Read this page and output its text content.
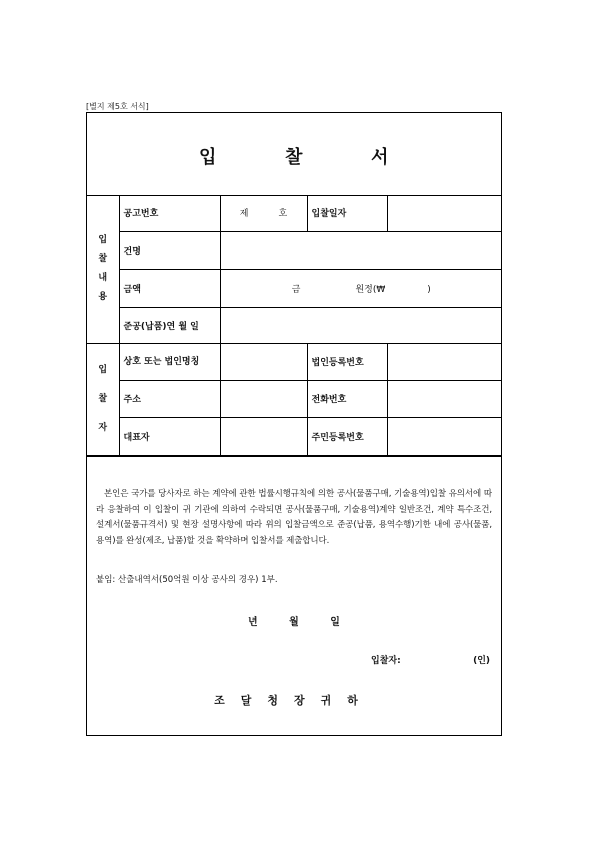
[별지 제5호 서식]
입	찰	서
입
찰
내
용	공고번호	제 호	입찰일자	
	건명			
	금액	금 원정(₩ )		
	준공(납품)연 월 일			

입
찰
자	상호 또는 법인명칭		법인등록번호	
	주소		전화번호	
	대표자		주민등록번호	
본인은 국가를 당사자로 하는 계약에 관한 법률시행규칙에 의한 공사(물품구매, 기술용역)입찰 유의서에 따라 응찰하여 이 입찰이 귀 기관에 의하여 수락되면 공사(물품구매, 기술용역)계약 일반조건, 계약 특수조건, 설계서(물품규격서) 및 현장 설명사항에 따라 위의 입찰금액으로 준공(납품, 용역수행)기한 내에 공사(물품, 용역)를 완성(제조, 납품)할 것을 확약하며 입찰서를 제출합니다.
붙임: 산출내역서(50억원 이상 공사의 경우) 1부.
년 월 일
입찰자:	(인)
조달청장귀하
